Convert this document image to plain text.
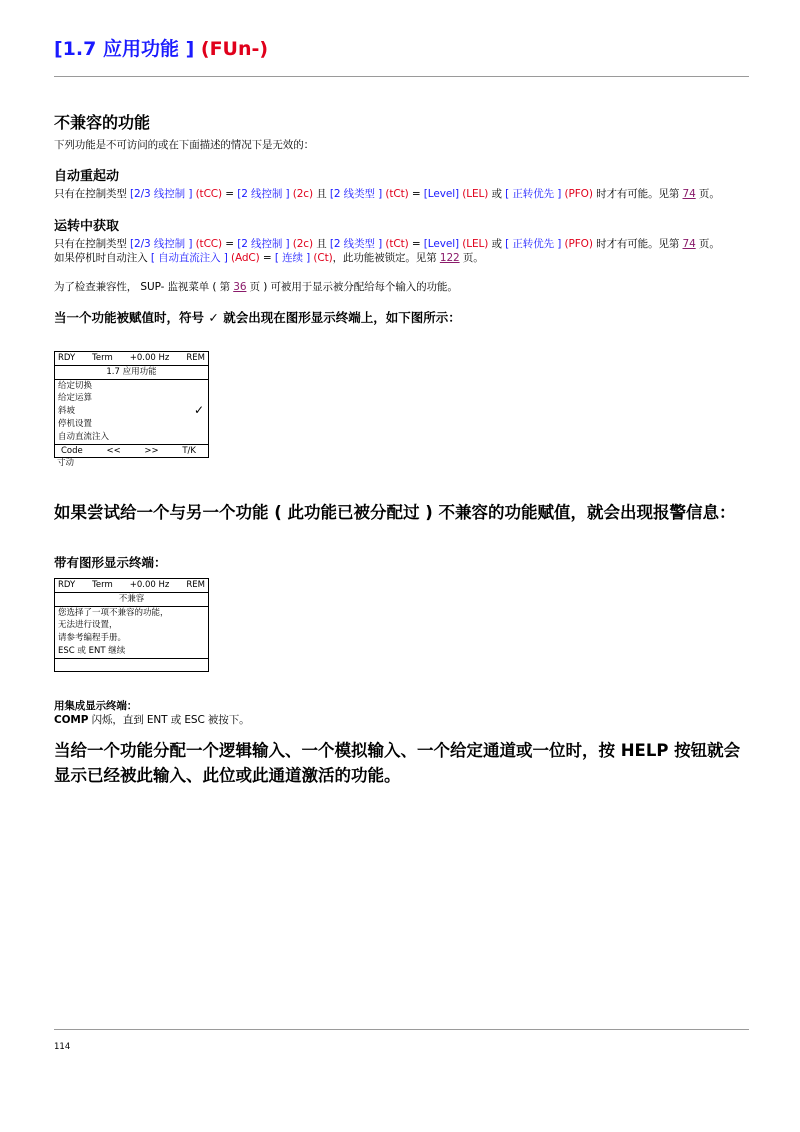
[1.7 应用功能 ] (FUn-)
不兼容的功能
下列功能是不可访问的或在下面描述的情况下是无效的：
自动重起动
只有在控制类型 [2/3 线控制 ] (tCC) = [2 线控制 ] (2c) 且 [2 线类型 ] (tCt) = [Level] (LEL) 或 [ 正转优先 ] (PFO) 时才有可能。见第 74 页。
运转中获取
只有在控制类型 [2/3 线控制 ] (tCC) = [2 线控制 ] (2c) 且 [2 线类型 ] (tCt) = [Level] (LEL) 或 [ 正转优先 ] (PFO) 时才有可能。见第 74 页。
如果停机时自动注入 [ 自动直流注入 ] (AdC) = [ 连续 ] (Ct)，此功能被锁定。见第 122 页。
为了检查兼容性， SUP- 监视菜单 ( 第 36 页 ) 可被用于显示被分配给每个输入的功能。
当一个功能被赋值时，符号 ✓ 就会出现在图形显示终端上，如下图所示：
RDY Term +0.00 Hz REM
1.7 应用功能
给定切换
给定运算
斜坡	✓
停机设置
自动直流注入
Code	<<	>>	T/K
寸动
如果尝试给一个与另一个功能 ( 此功能已被分配过 ) 不兼容的功能赋值，就会出现报警信息：
带有图形显示终端：
RDY Term +0.00 Hz REM
不兼容
您选择了一项不兼容的功能，
无法进行设置，
请参考编程手册。
ESC 或 ENT 继续
用集成显示终端：
COMP 闪烁，直到 ENT 或 ESC 被按下。
当给一个功能分配一个逻辑输入、一个模拟输入、一个给定通道或一位时，按 HELP 按钮就会显示已经被此输入、此位或此通道激活的功能。
114
